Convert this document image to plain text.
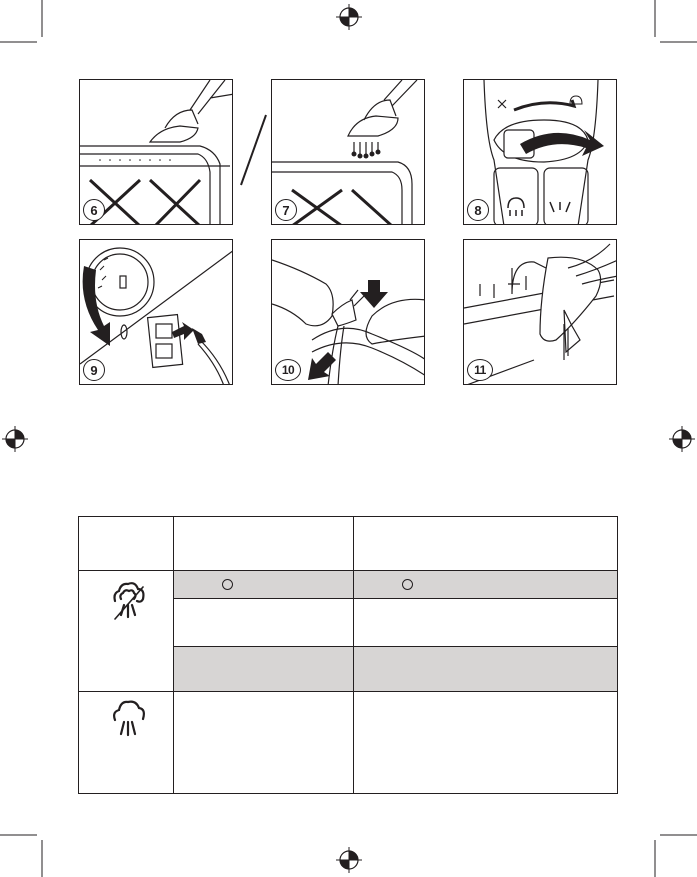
6	7	8
9	10	11
